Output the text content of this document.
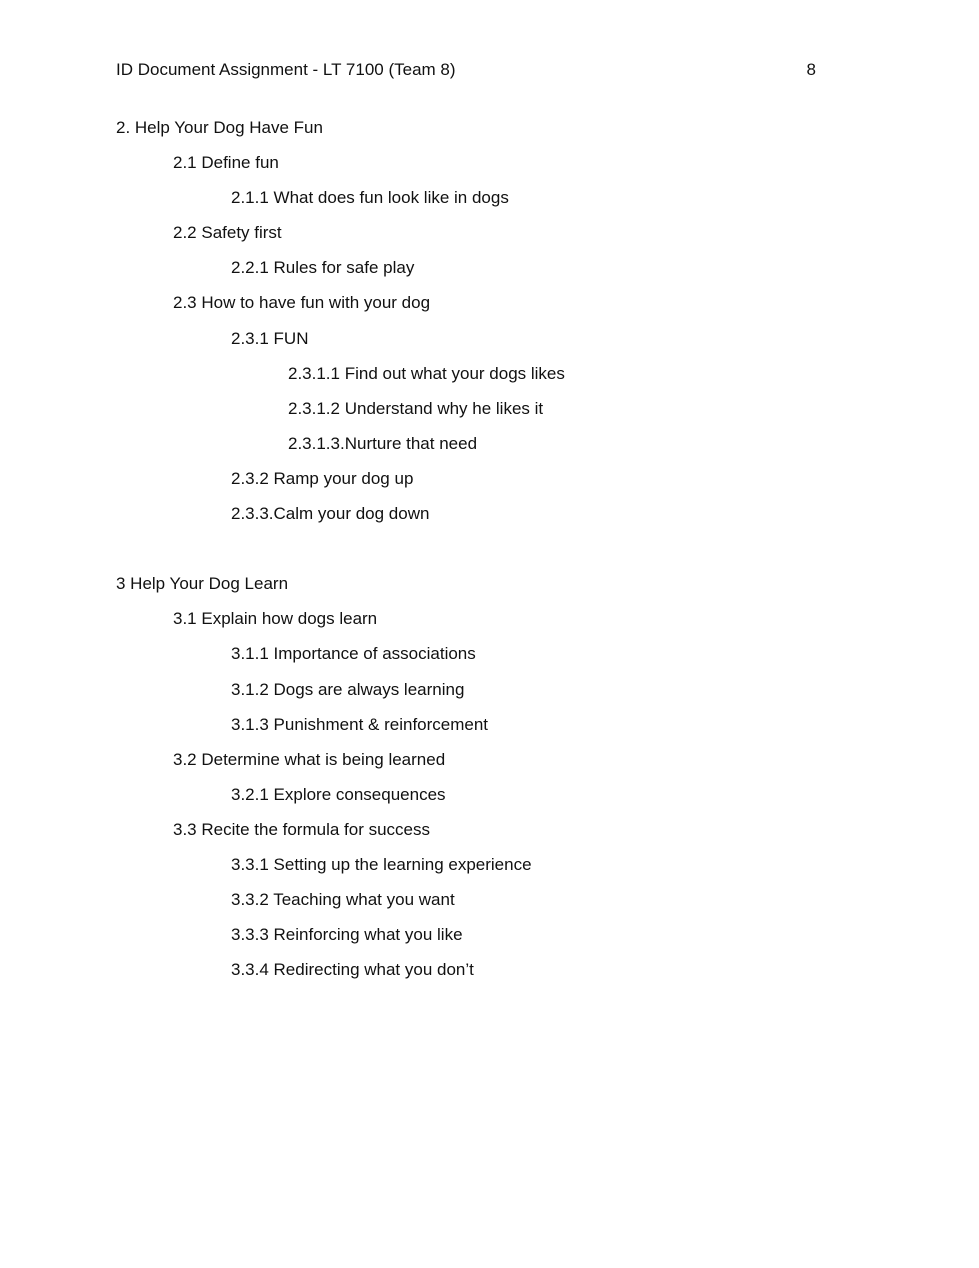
ID Document Assignment - LT 7100 (Team 8)	8
2. Help Your Dog Have Fun
2.1 Define fun
2.1.1 What does fun look like in dogs
2.2 Safety first
2.2.1 Rules for safe play
2.3 How to have fun with your dog
2.3.1 FUN
2.3.1.1 Find out what your dogs likes
2.3.1.2 Understand why he likes it
2.3.1.3.Nurture that need
2.3.2 Ramp your dog up
2.3.3.Calm your dog down
3 Help Your Dog Learn
3.1 Explain how dogs learn
3.1.1 Importance of associations
3.1.2 Dogs are always learning
3.1.3 Punishment & reinforcement
3.2 Determine what is being learned
3.2.1 Explore consequences
3.3 Recite the formula for success
3.3.1 Setting up the learning experience
3.3.2 Teaching what you want
3.3.3 Reinforcing what you like
3.3.4 Redirecting what you don’t
